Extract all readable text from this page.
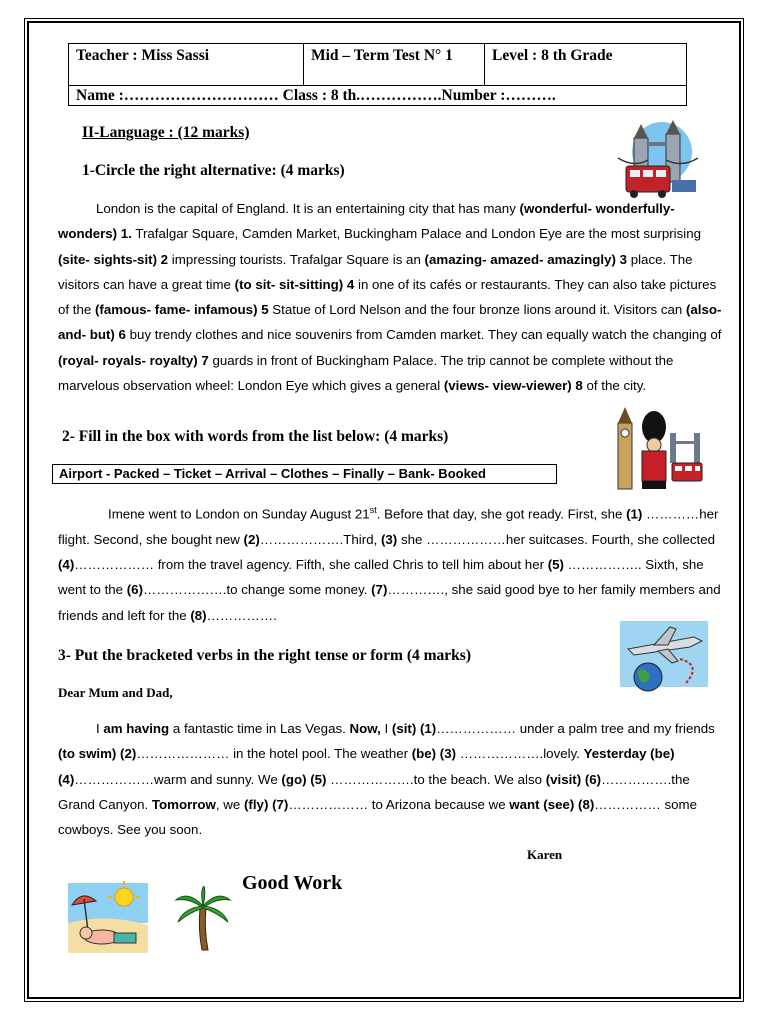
Teacher : Miss Sassi	Mid – Term Test N° 1	Level : 8 th Grade
Name :………………………… Class : 8 th.…………….Number :……….
II-Language : (12 marks)
1-Circle the right alternative: (4 marks)
London is the capital of England. It is an entertaining city that has many (wonderful- wonderfully-wonders) 1. Trafalgar Square, Camden Market, Buckingham Palace and London Eye are the most surprising (site- sights-sit) 2 impressing tourists. Trafalgar Square is an (amazing- amazed- amazingly) 3 place. The visitors can have a great time (to sit- sit-sitting) 4 in one of its cafés or restaurants. They can also take pictures of the (famous- fame- infamous) 5 Statue of Lord Nelson and the four bronze lions around it. Visitors can (also- and- but) 6 buy trendy clothes and nice souvenirs from Camden market. They can equally watch the changing of (royal- royals- royalty) 7 guards in front of Buckingham Palace. The trip cannot be complete without the marvelous observation wheel: London Eye which gives a general (views- view-viewer) 8 of the city.
2- Fill in the box with words from the list below: (4 marks)
Airport - Packed – Ticket – Arrival – Clothes – Finally – Bank- Booked
Imene went to London on Sunday August 21st. Before that day, she got ready. First, she (1) …………her flight. Second, she bought new (2)……………….Third, (3) she ………………her suitcases. Fourth, she collected (4)……………… from the travel agency. Fifth, she called Chris to tell him about her (5) …………….. Sixth, she went to the (6)……………….to change some money. (7)…………., she said good bye to her family members and friends and left for the (8)…………….
3- Put the bracketed verbs in the right tense or form (4 marks)
Dear Mum and Dad,
I am having a fantastic time in Las Vegas. Now, I (sit) (1)……………… under a palm tree and my friends (to swim) (2)………………… in the hotel pool. The weather (be) (3) ……………….lovely. Yesterday (be) (4)………………warm and sunny. We (go) (5) ……………….to the beach. We also (visit) (6)…………….the Grand Canyon. Tomorrow, we (fly) (7)……………… to Arizona because we want (see) (8)…………… some cowboys. See you soon.
Karen
Good Work
